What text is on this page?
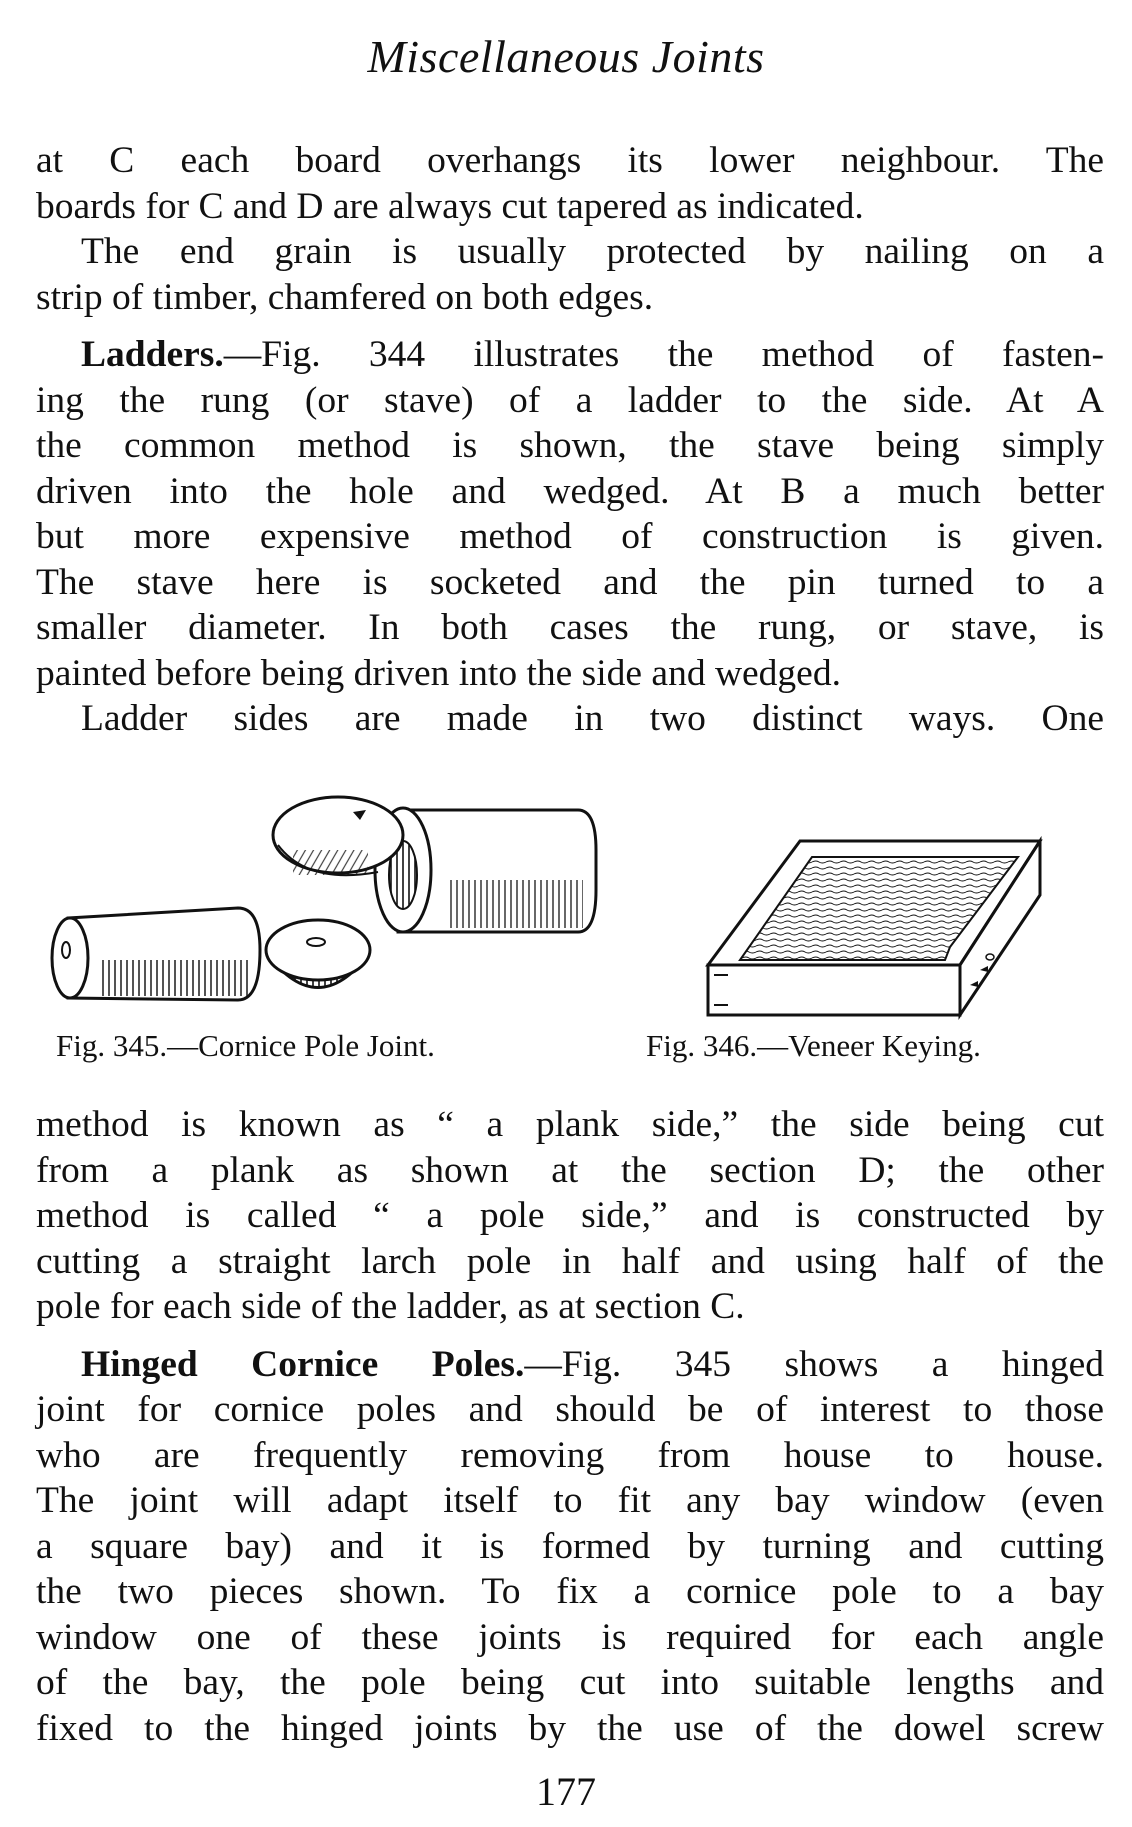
Miscellaneous Joints
at C each board overhangs its lower neighbour. The
boards for C and D are always cut tapered as indicated.
The end grain is usually protected by nailing on a
strip of timber, chamfered on both edges.
Ladders.—Fig. 344 illustrates the method of fasten-
ing the rung (or stave) of a ladder to the side. At A
the common method is shown, the stave being simply
driven into the hole and wedged. At B a much better
but more expensive method of construction is given.
The stave here is socketed and the pin turned to a
smaller diameter. In both cases the rung, or stave, is
painted before being driven into the side and wedged.
Ladder sides are made in two distinct ways. One
Fig. 345.—Cornice Pole Joint.	Fig. 346.—Veneer Keying.
method is known as “ a plank side,” the side being cut
from a plank as shown at the section D; the other
method is called “ a pole side,” and is constructed by
cutting a straight larch pole in half and using half of the
pole for each side of the ladder, as at section C.
Hinged Cornice Poles.—Fig. 345 shows a hinged
joint for cornice poles and should be of interest to those
who are frequently removing from house to house.
The joint will adapt itself to fit any bay window (even
a square bay) and it is formed by turning and cutting
the two pieces shown. To fix a cornice pole to a bay
window one of these joints is required for each angle
of the bay, the pole being cut into suitable lengths and
fixed to the hinged joints by the use of the dowel screw
177
